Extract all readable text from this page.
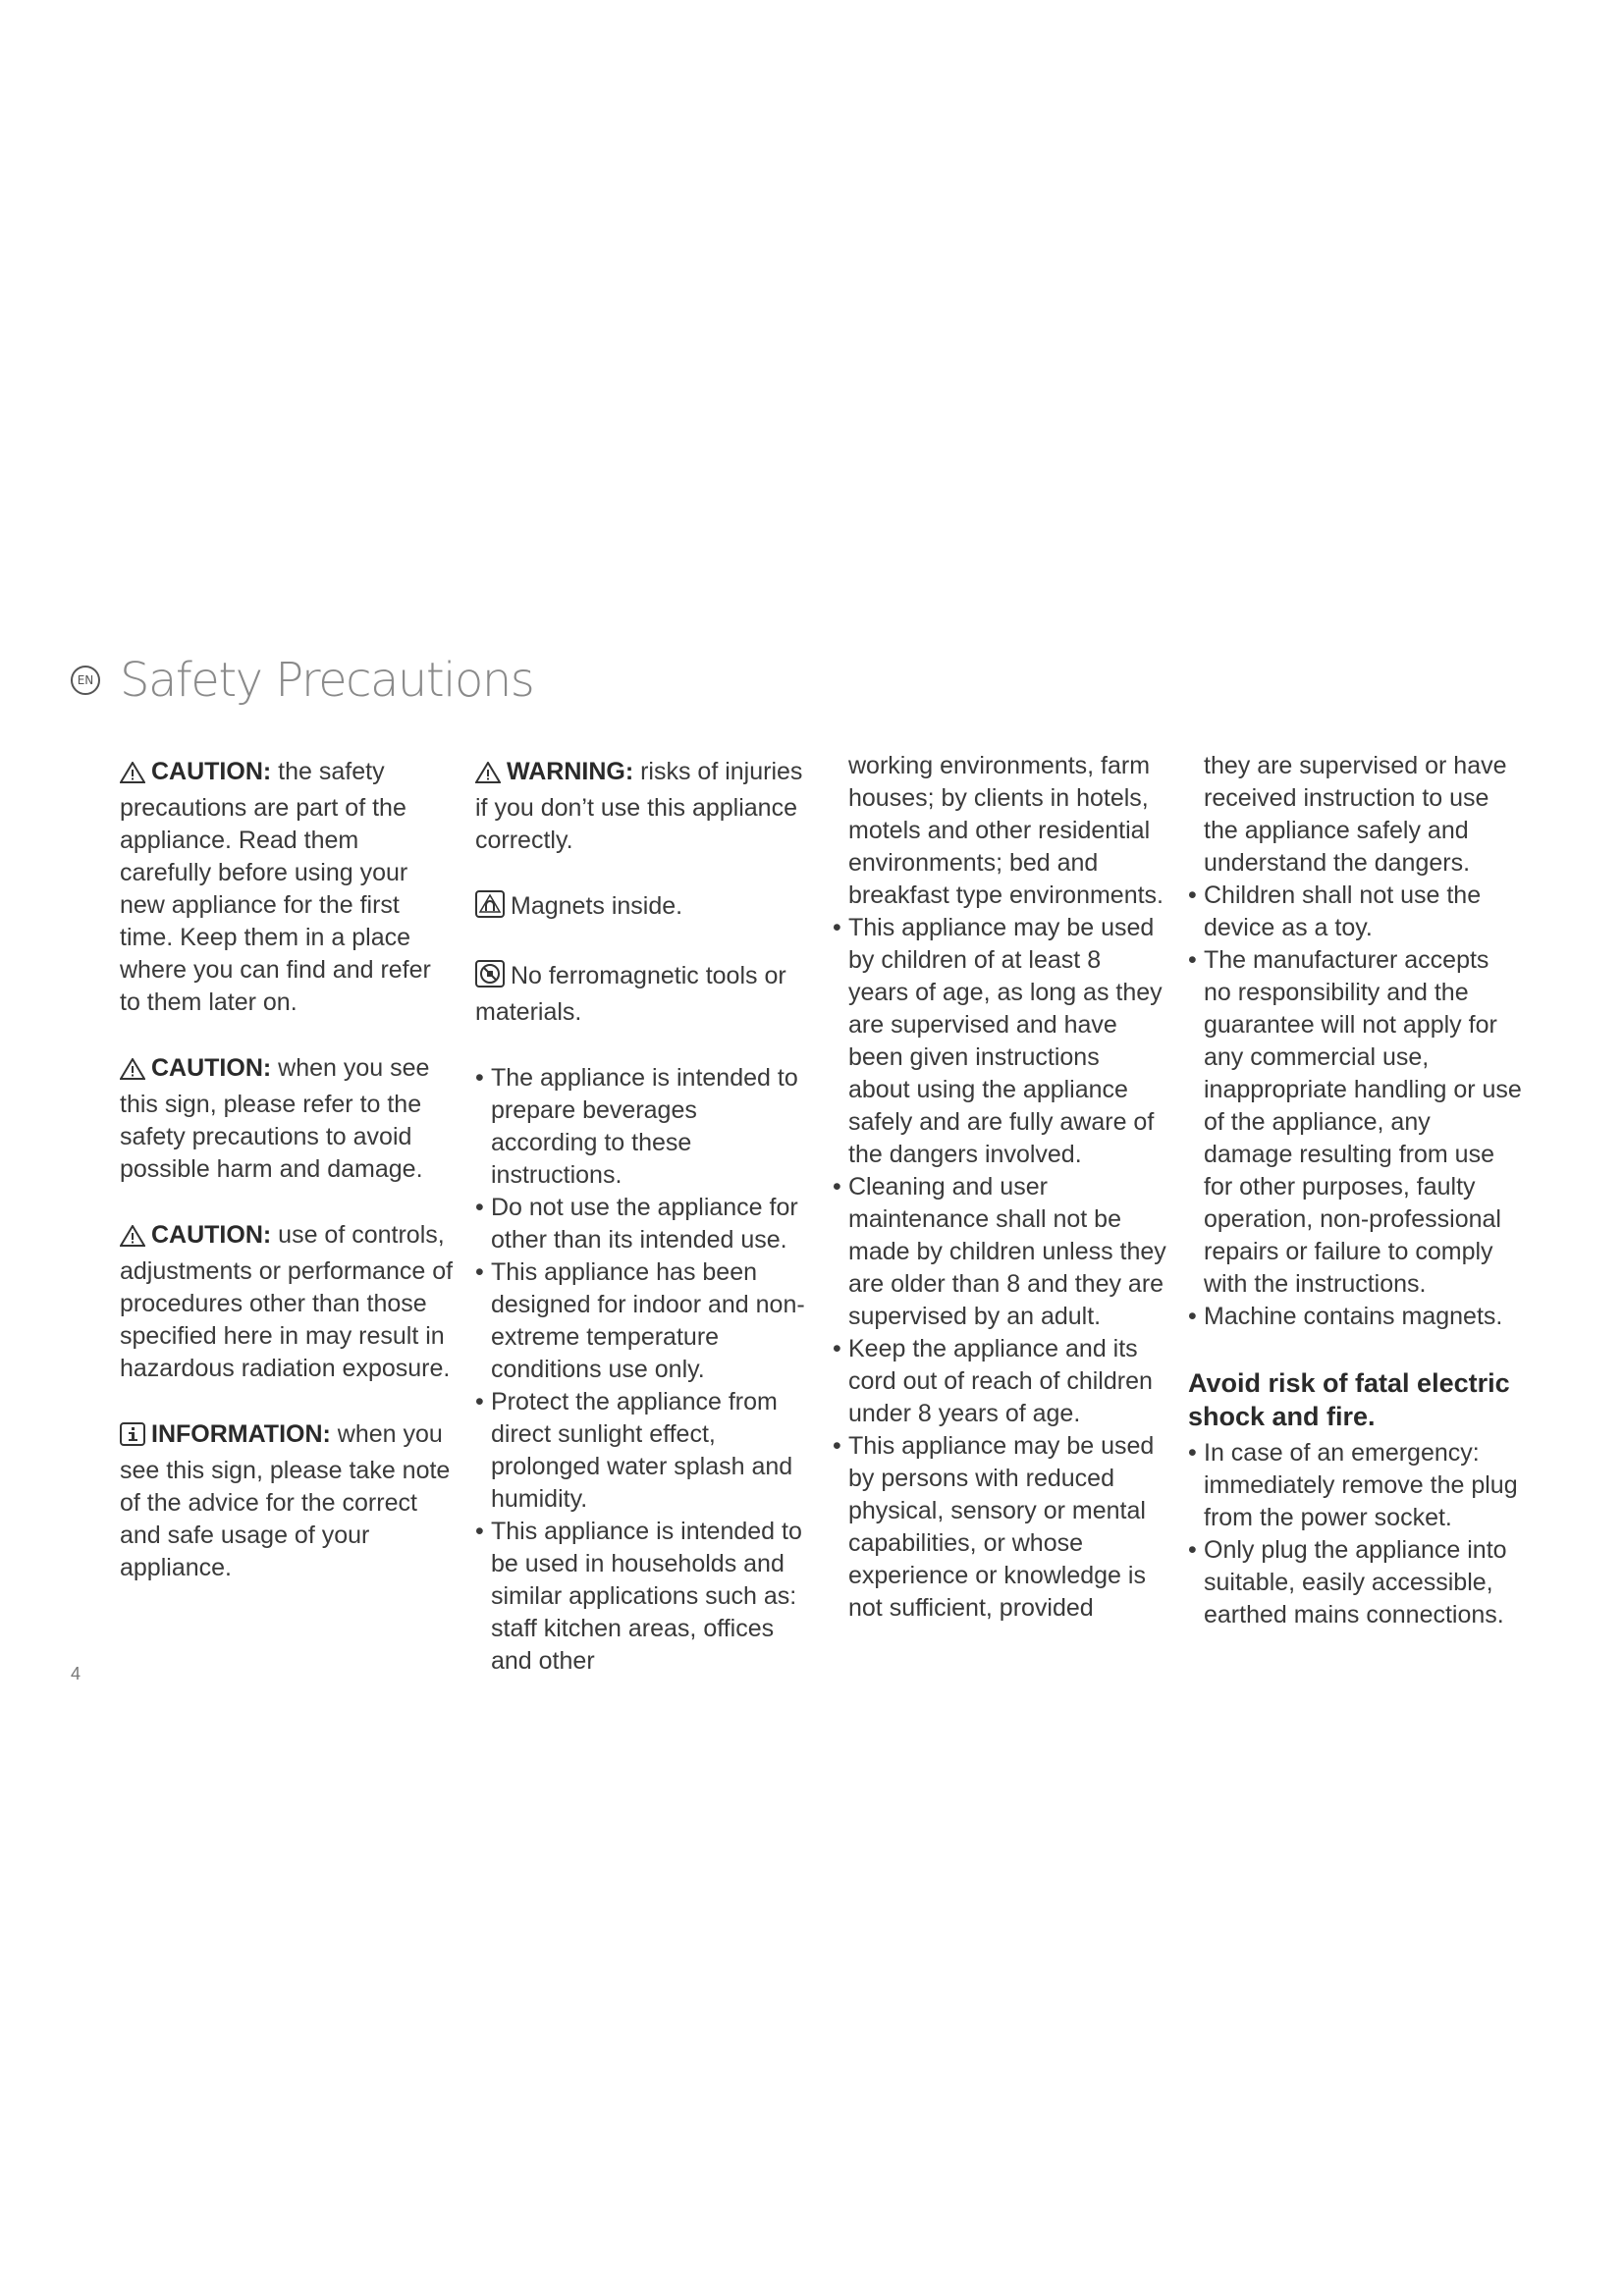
EN Safety Precautions

CAUTION: the safety precautions are part of the appliance. Read them carefully before using your new appliance for the first time. Keep them in a place where you can find and refer to them later on.

CAUTION: when you see this sign, please refer to the safety precautions to avoid possible harm and damage.

CAUTION: use of controls, adjustments or performance of procedures other than those specified here in may result in hazardous radiation exposure.

INFORMATION: when you see this sign, please take note of the advice for the correct and safe usage of your appliance.

WARNING: risks of injuries if you don’t use this appliance correctly.

Magnets inside.

No ferromagnetic tools or materials.

• The appliance is intended to prepare beverages according to these instructions.
• Do not use the appliance for other than its intended use.
• This appliance has been designed for indoor and non-extreme temperature conditions use only.
• Protect the appliance from direct sunlight effect, prolonged water splash and humidity.
• This appliance is intended to be used in households and similar applications such as: staff kitchen areas, offices and other
working environments, farm houses; by clients in hotels, motels and other residential environments; bed and breakfast type environments.
• This appliance may be used by children of at least 8 years of age, as long as they are supervised and have been given instructions about using the appliance safely and are fully aware of the dangers involved.
• Cleaning and user maintenance shall not be made by children unless they are older than 8 and they are supervised by an adult.
• Keep the appliance and its cord out of reach of children under 8 years of age.
• This appliance may be used by persons with reduced physical, sensory or mental capabilities, or whose experience or knowledge is not sufficient, provided
they are supervised or have received instruction to use the appliance safely and understand the dangers.
• Children shall not use the device as a toy.
• The manufacturer accepts no responsibility and the guarantee will not apply for any commercial use, inappropriate handling or use of the appliance, any damage resulting from use for other purposes, faulty operation, non-professional repairs or failure to comply with the instructions.
• Machine contains magnets.
Avoid risk of fatal electric shock and fire.
• In case of an emergency: immediately remove the plug from the power socket.
• Only plug the appliance into suitable, easily accessible, earthed mains connections.
4
